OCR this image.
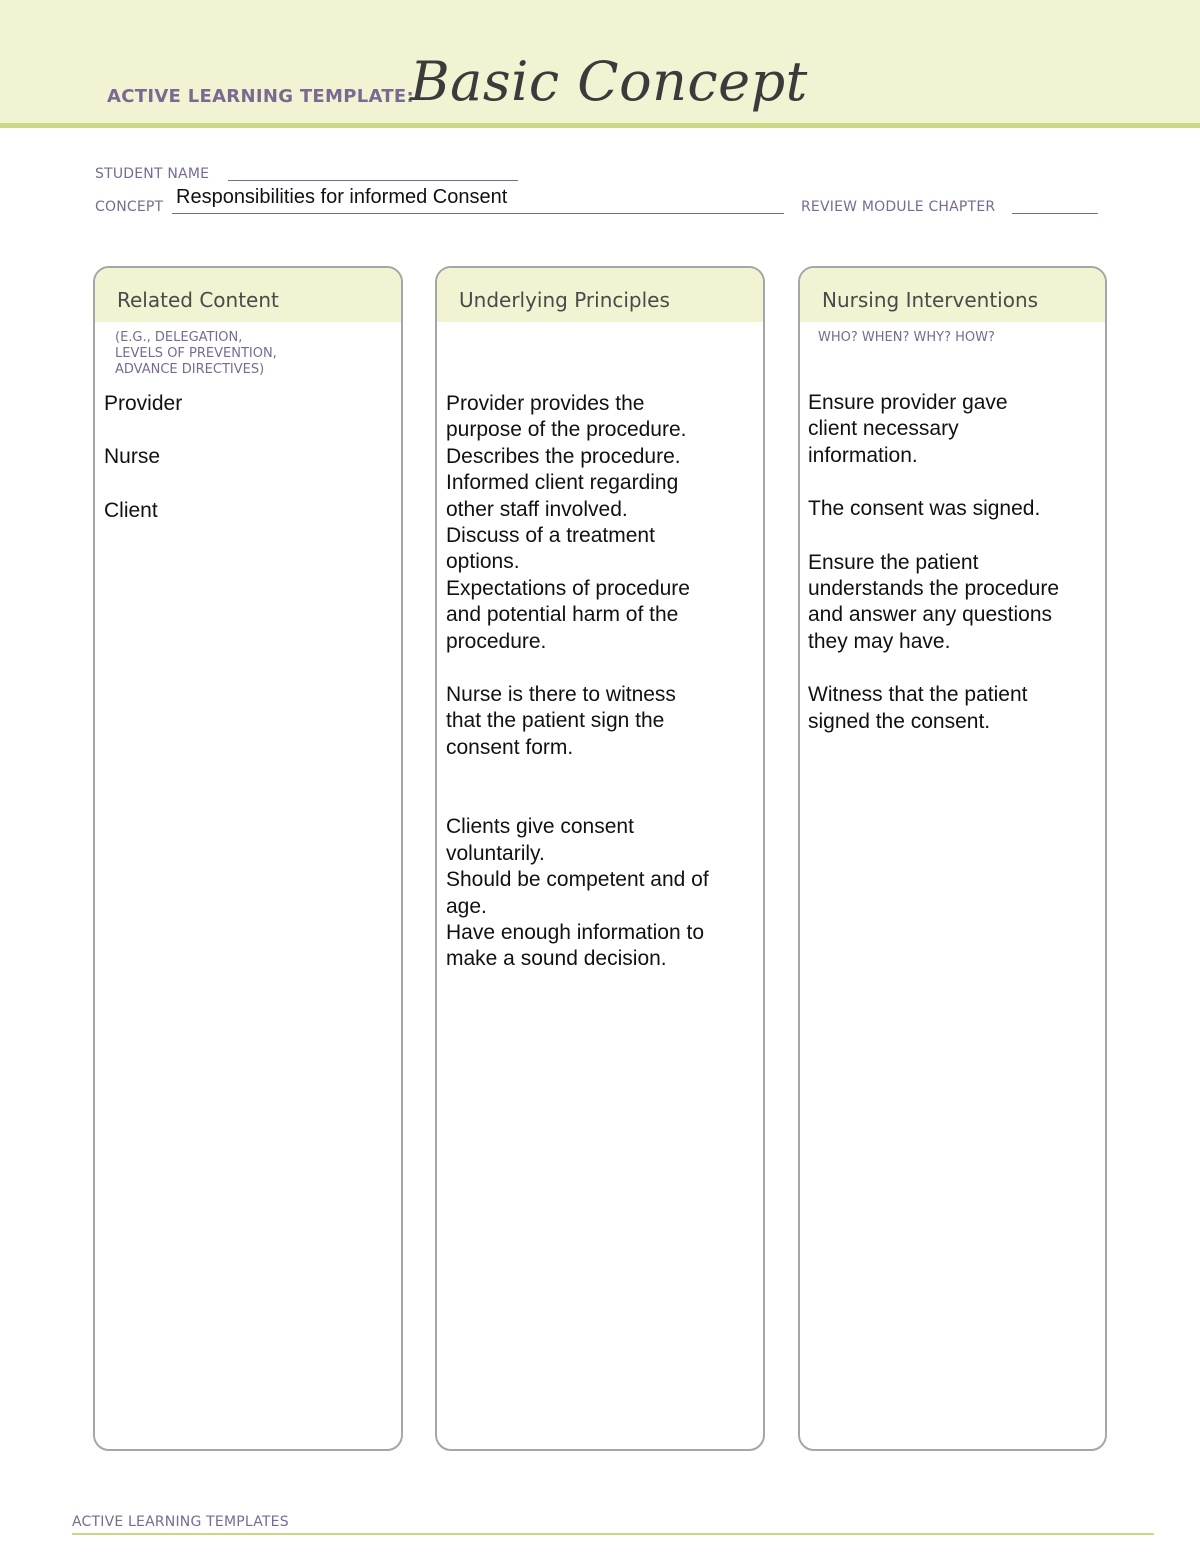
ACTIVE LEARNING TEMPLATE:
Basic Concept
STUDENT NAME
CONCEPT Responsibilities for informed Consent	REVIEW MODULE CHAPTER
Related Content
(E.G., DELEGATION,
LEVELS OF PREVENTION,
ADVANCE DIRECTIVES)

Provider

Nurse

Client

Underlying Principles

Provider provides the
purpose of the procedure.
Describes the procedure.
Informed client regarding
other staff involved.
Discuss of a treatment
options.
Expectations of procedure
and potential harm of the
procedure.

Nurse is there to witness
that the patient sign the
consent form.

Clients give consent
voluntarily.
Should be competent and of
age.
Have enough information to
make a sound decision.

Nursing Interventions
WHO? WHEN? WHY? HOW?

Ensure provider gave
client necessary
information.

The consent was signed.

Ensure the patient
understands the procedure
and answer any questions
they may have.

Witness that the patient
signed the consent.

ACTIVE LEARNING TEMPLATES
